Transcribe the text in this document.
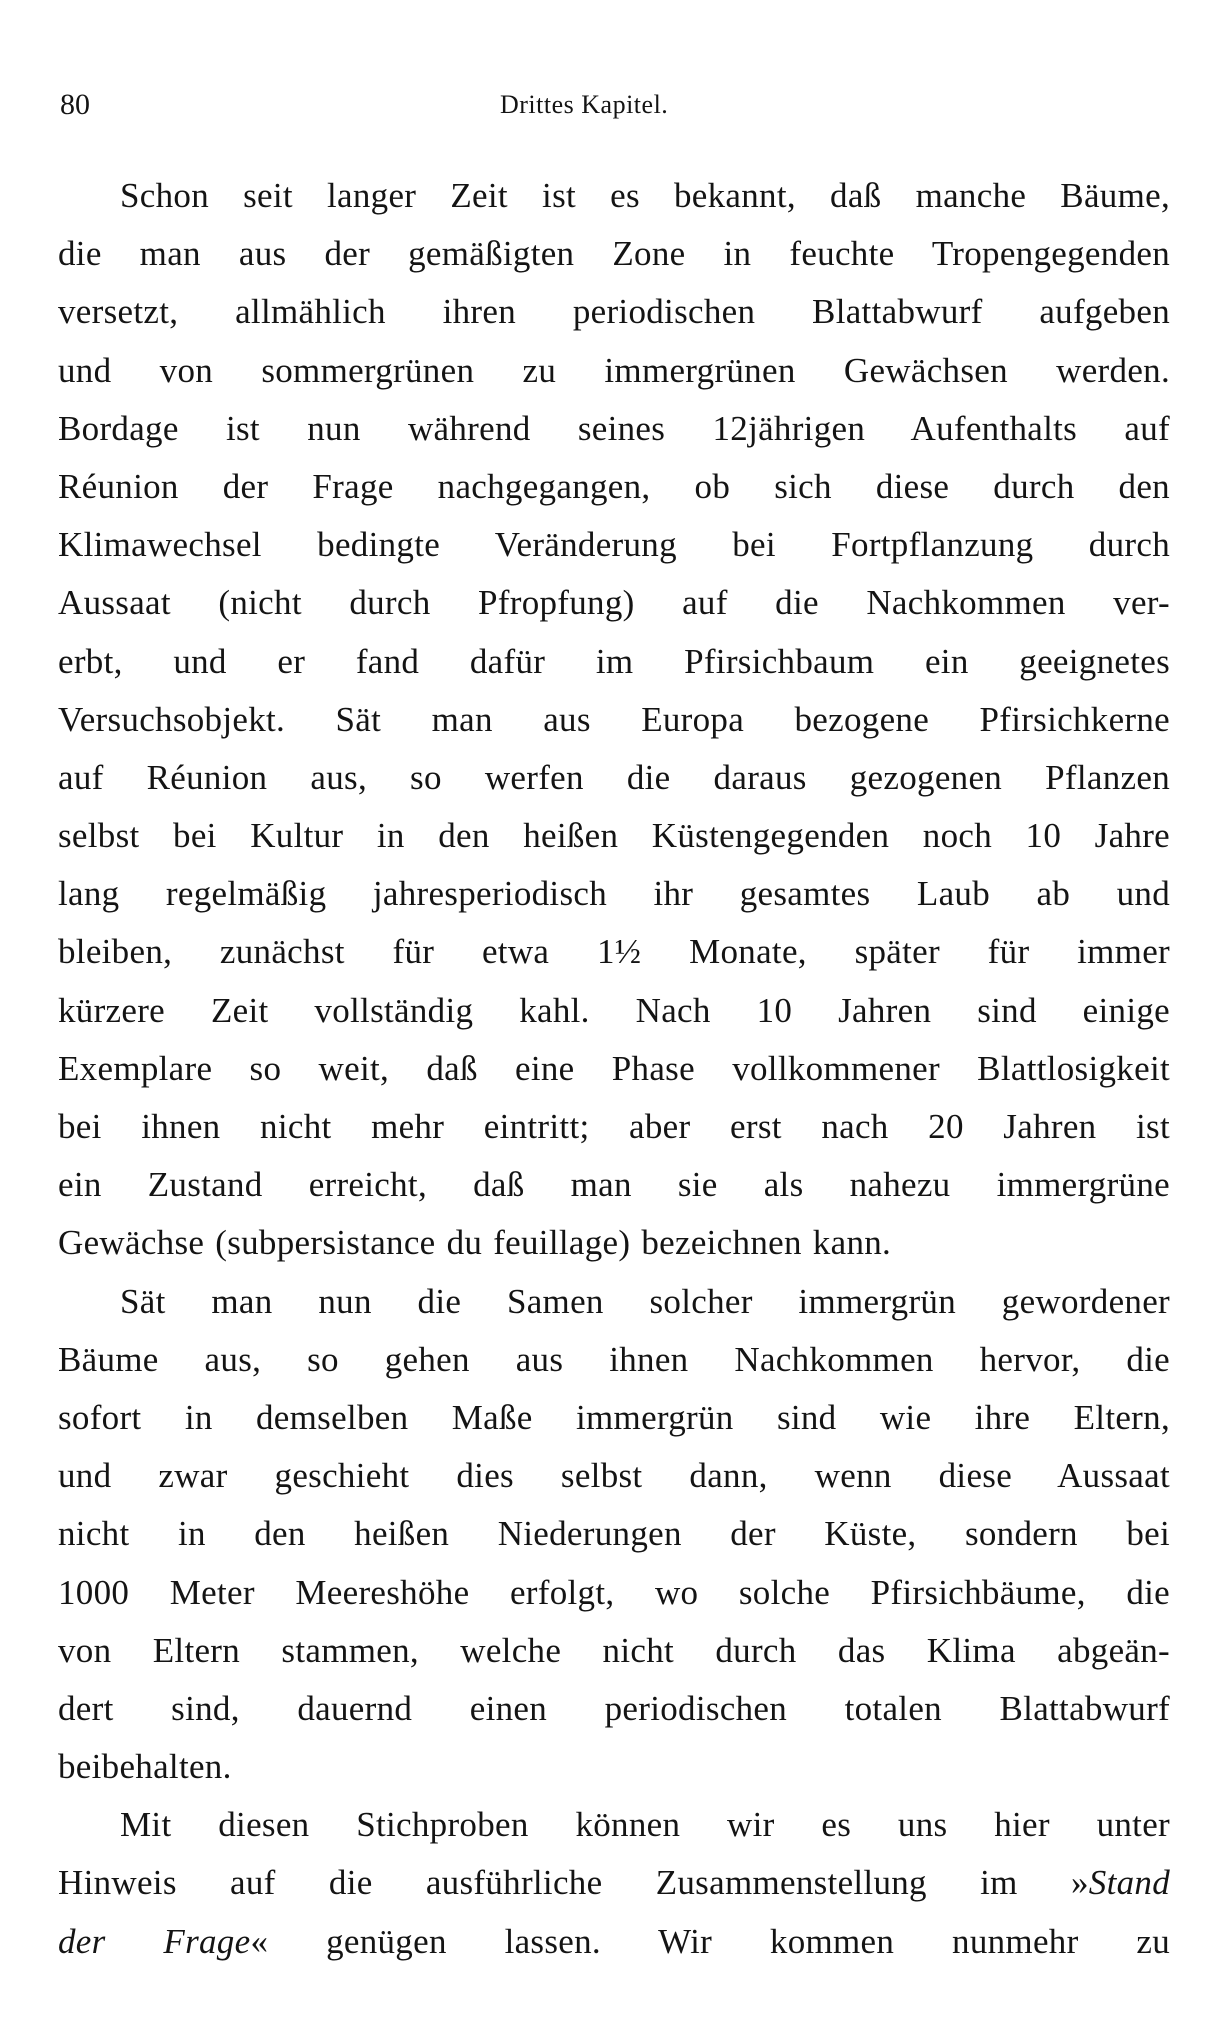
80	Drittes Kapitel.
Schon seit langer Zeit ist es bekannt, daß manche Bäume,
die man aus der gemäßigten Zone in feuchte Tropengegenden
versetzt, allmählich ihren periodischen Blattabwurf aufgeben
und von sommergrünen zu immergrünen Gewächsen werden.
Bordage ist nun während seines 12jährigen Aufenthalts auf
Réunion der Frage nachgegangen, ob sich diese durch den
Klimawechsel bedingte Veränderung bei Fortpflanzung durch
Aussaat (nicht durch Pfropfung) auf die Nachkommen ver-
erbt, und er fand dafür im Pfirsichbaum ein geeignetes
Versuchsobjekt. Sät man aus Europa bezogene Pfirsichkerne
auf Réunion aus, so werfen die daraus gezogenen Pflanzen
selbst bei Kultur in den heißen Küstengegenden noch 10 Jahre
lang regelmäßig jahresperiodisch ihr gesamtes Laub ab und
bleiben, zunächst für etwa 1½ Monate, später für immer
kürzere Zeit vollständig kahl. Nach 10 Jahren sind einige
Exemplare so weit, daß eine Phase vollkommener Blattlosigkeit
bei ihnen nicht mehr eintritt; aber erst nach 20 Jahren ist
ein Zustand erreicht, daß man sie als nahezu immergrüne
Gewächse (subpersistance du feuillage) bezeichnen kann.
Sät man nun die Samen solcher immergrün gewordener
Bäume aus, so gehen aus ihnen Nachkommen hervor, die
sofort in demselben Maße immergrün sind wie ihre Eltern,
und zwar geschieht dies selbst dann, wenn diese Aussaat
nicht in den heißen Niederungen der Küste, sondern bei
1000 Meter Meereshöhe erfolgt, wo solche Pfirsichbäume, die
von Eltern stammen, welche nicht durch das Klima abgeän-
dert sind, dauernd einen periodischen totalen Blattabwurf
beibehalten.
Mit diesen Stichproben können wir es uns hier unter
Hinweis auf die ausführliche Zusammenstellung im »Stand
der Frage« genügen lassen. Wir kommen nunmehr zu
